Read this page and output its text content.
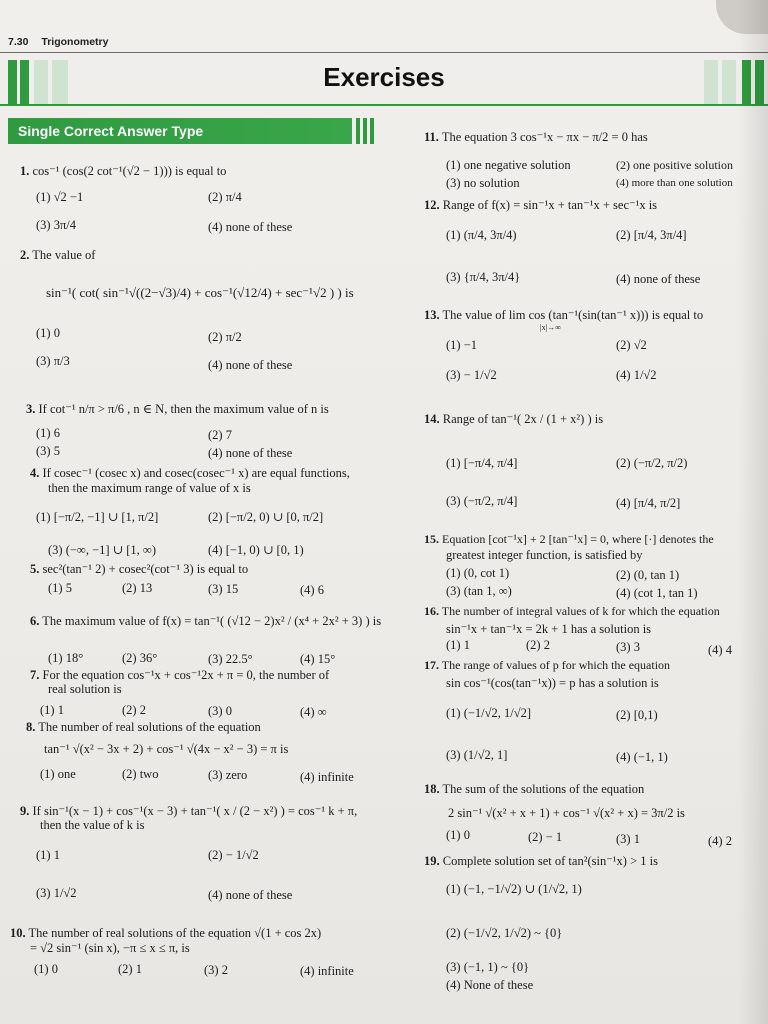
7.30 Trigonometry
Exercises
Single Correct Answer Type
1. cos⁻¹ (cos(2 cot⁻¹(√2 − 1))) is equal to
(1) √2 −1	(2) π/4
(3) 3π/4	(4) none of these
2. The value of
sin⁻¹( cot( sin⁻¹√((2−√3)/4) + cos⁻¹(√12/4) + sec⁻¹√2 ) ) is
(1) 0	(2) π/2
(3) π/3	(4) none of these
3. If cot⁻¹ n/π > π/6 , n ∈ N, then the maximum value of n is
(1) 6	(2) 7
(3) 5	(4) none of these
4. If cosec⁻¹ (cosec x) and cosec(cosec⁻¹ x) are equal functions,
then the maximum range of value of x is
(1) [−π/2, −1] ∪ [1, π/2]	(2) [−π/2, 0) ∪ [0, π/2]
(3) (−∞, −1] ∪ [1, ∞)	(4) [−1, 0) ∪ [0, 1)
5. sec²(tan⁻¹ 2) + cosec²(cot⁻¹ 3) is equal to
(1) 5	(2) 13	(3) 15	(4) 6
6. The maximum value of f(x) = tan⁻¹( (√12 − 2)x² / (x⁴ + 2x² + 3) ) is
(1) 18°	(2) 36°	(3) 22.5°	(4) 15°
7. For the equation cos⁻¹x + cos⁻¹2x + π = 0, the number of
real solution is
(1) 1	(2) 2	(3) 0	(4) ∞
8. The number of real solutions of the equation
tan⁻¹ √(x² − 3x + 2) + cos⁻¹ √(4x − x² − 3) = π is
(1) one	(2) two	(3) zero	(4) infinite
9. If sin⁻¹(x − 1) + cos⁻¹(x − 3) + tan⁻¹( x / (2 − x²) ) = cos⁻¹ k + π,
then the value of k is
(1) 1	(2) − 1/√2
(3) 1/√2	(4) none of these
10. The number of real solutions of the equation √(1 + cos 2x)
= √2 sin⁻¹ (sin x), −π ≤ x ≤ π, is
(1) 0	(2) 1	(3) 2	(4) infinite
11. The equation 3 cos⁻¹x − πx − π/2 = 0 has
(1) one negative solution	(2) one positive solution
(3) no solution	(4) more than one solution
12. Range of f(x) = sin⁻¹x + tan⁻¹x + sec⁻¹x is
(1) (π/4, 3π/4)	(2) [π/4, 3π/4]
(3) {π/4, 3π/4}	(4) none of these
13. The value of lim cos (tan⁻¹(sin(tan⁻¹ x))) is equal to
|x|→∞
(1) −1	(2) √2
(3) − 1/√2	(4) 1/√2
14. Range of tan⁻¹( 2x / (1 + x²) ) is
(1) [−π/4, π/4]	(2) (−π/2, π/2)
(3) (−π/2, π/4]	(4) [π/4, π/2]
15. Equation [cot⁻¹x] + 2 [tan⁻¹x] = 0, where [·] denotes the
greatest integer function, is satisfied by
(1) (0, cot 1)	(2) (0, tan 1)
(3) (tan 1, ∞)	(4) (cot 1, tan 1)
16. The number of integral values of k for which the equation
sin⁻¹x + tan⁻¹x = 2k + 1 has a solution is
(1) 1	(2) 2	(3) 3	(4) 4
17. The range of values of p for which the equation
sin cos⁻¹(cos(tan⁻¹x)) = p has a solution is
(1) (−1/√2, 1/√2]	(2) [0,1)
(3) (1/√2, 1]	(4) (−1, 1)
18. The sum of the solutions of the equation
2 sin⁻¹ √(x² + x + 1) + cos⁻¹ √(x² + x) = 3π/2 is
(1) 0	(2) − 1	(3) 1	(4) 2
19. Complete solution set of tan²(sin⁻¹x) > 1 is
(1) (−1, −1/√2) ∪ (1/√2, 1)
(2) (−1/√2, 1/√2) ~ {0}
(3) (−1, 1) ~ {0}
(4) None of these
